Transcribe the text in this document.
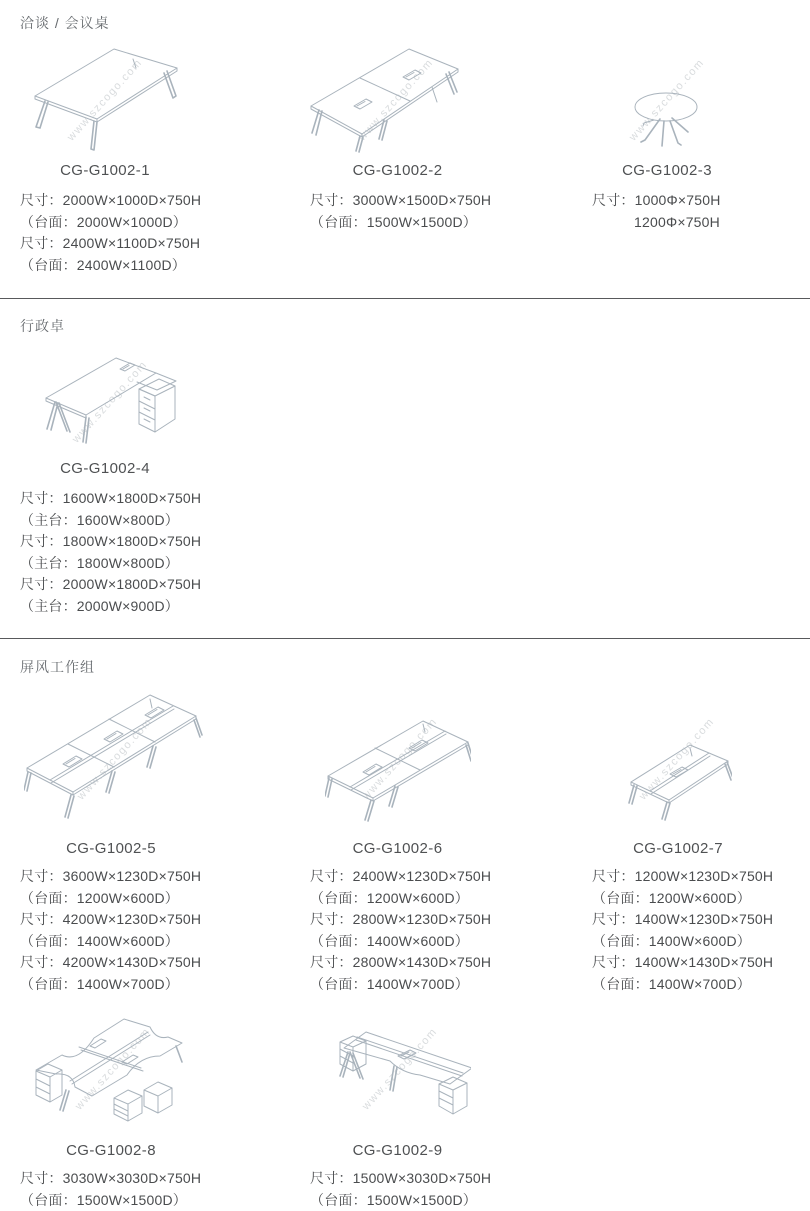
洽谈 / 会议桌
行政卓
屏风工作组
www.szcogo.com
CG-G1002-1
尺寸：2000W×1000D×750H
（台面：2000W×1000D）
尺寸：2400W×1100D×750H
（台面：2400W×1100D）
www.szcogo.com
CG-G1002-2
尺寸：3000W×1500D×750H
（台面：1500W×1500D）
www.szcogo.com
CG-G1002-3
尺寸：1000Φ×750H
1200Φ×750H
www.szcogo.com
CG-G1002-4
尺寸：1600W×1800D×750H
（主台：1600W×800D）
尺寸：1800W×1800D×750H
（主台：1800W×800D）
尺寸：2000W×1800D×750H
（主台：2000W×900D）
www.szcogo.com
CG-G1002-5
尺寸：3600W×1230D×750H
（台面：1200W×600D）
尺寸：4200W×1230D×750H
（台面：1400W×600D）
尺寸：4200W×1430D×750H
（台面：1400W×700D）
www.szcogo.com
CG-G1002-6
尺寸：2400W×1230D×750H
（台面：1200W×600D）
尺寸：2800W×1230D×750H
（台面：1400W×600D）
尺寸：2800W×1430D×750H
（台面：1400W×700D）
www.szcogo.com
CG-G1002-7
尺寸：1200W×1230D×750H
（台面：1200W×600D）
尺寸：1400W×1230D×750H
（台面：1400W×600D）
尺寸：1400W×1430D×750H
（台面：1400W×700D）
www.szcogo.com
CG-G1002-8
尺寸：3030W×3030D×750H
（台面：1500W×1500D）
www.szcogo.com
CG-G1002-9
尺寸：1500W×3030D×750H
（台面：1500W×1500D）
